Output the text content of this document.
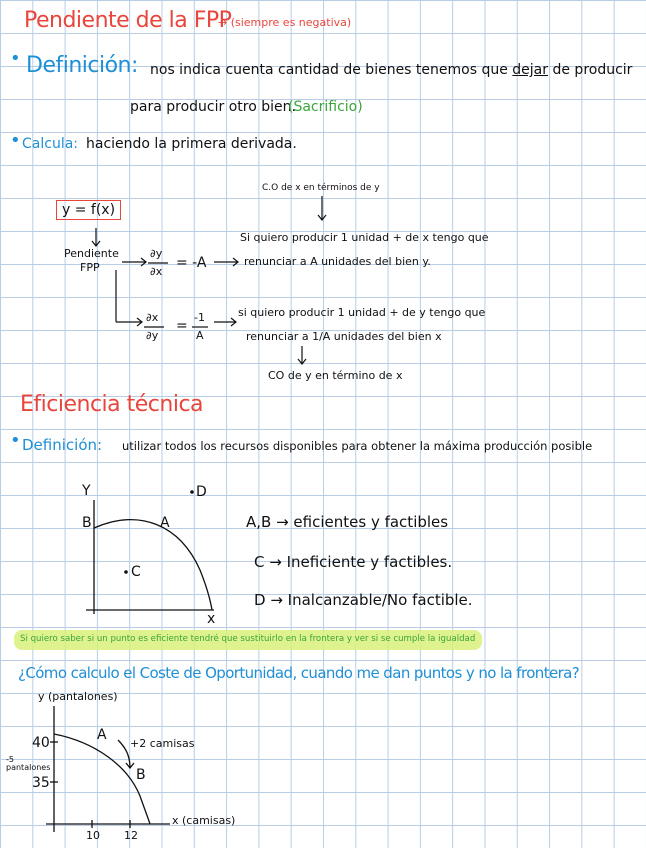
Pendiente de la FPP
→ (siempre es negativa)
• Definición: nos indica cuenta cantidad de bienes tenemos que dejar de producir
para producir otro bien.
(Sacrificio)
• Calcula: haciendo la primera derivada.
C.O de x en términos de y
y = f(x)
Pendiente
FPP
∂y
∂x
= -A
Si quiero producir 1 unidad + de x tengo que
renunciar a A unidades del bien y.
∂x
∂y
=
-1
A
si quiero producir 1 unidad + de y tengo que
renunciar a 1/A unidades del bien x
CO de y en término de x
Eficiencia técnica
• Definición: utilizar todos los recursos disponibles para obtener la máxima producción posible
Y
x
B	A
C
D
A,B → eficientes y factibles
C → Ineficiente y factibles.
D → Inalcanzable/No factible.
Si quiero saber si un punto es eficiente tendré que sustituirlo en la frontera y ver si se cumple la igualdad
¿Cómo calculo el Coste de Oportunidad, cuando me dan puntos y no la frontera?
y (pantalones)
x (camisas)
40
35
-5 pantalones
10 12
A
B
+2 camisas
